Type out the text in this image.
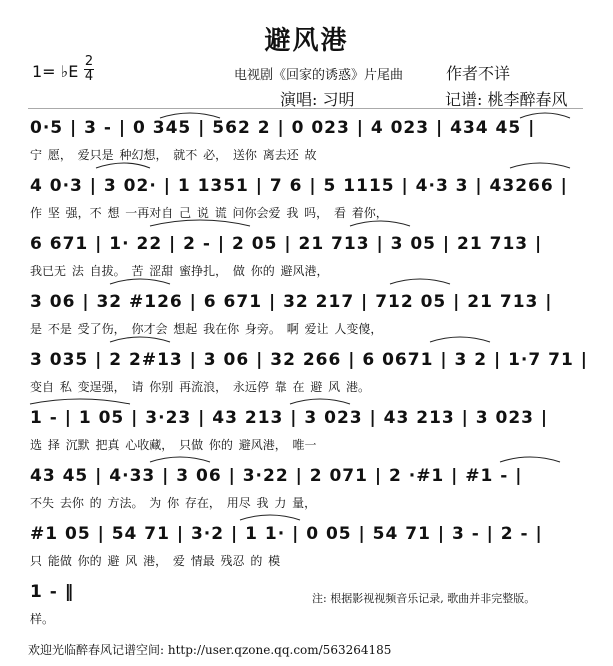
避风港
1= ♭E
2
4	电视剧《回家的诱惑》片尾曲	作者不详
演唱: 习明	记谱: 桃李醉春风
0·5 | 3 - | 0 345 | 562 2 | 0 023 | 4 023 | 434 45 |
宁 愿， 爱只是 种幻想， 就不 必， 送你 离去还 故
4 0·3 | 3 02· | 1 1351 | 7 6 | 5 1115 | 4·3 3 | 43266 |
作 坚 强，不 想 一再对自 己 说 谎 问你会爱 我 吗， 看 着你，
6 671 | 1· 22 | 2 - | 2 05 | 21 713 | 3 05 | 21 713 |
我已无 法 自拔。 苦 涩甜 蜜挣扎， 做 你的 避风港，
3 06 | 32 #126 | 6 671 | 32 217 | 712 05 | 21 713 |
是 不是 受了伤， 你才会 想起 我在你 身旁。 啊 爱让 人变傻，
3 035 | 2 2#13 | 3 06 | 32 266 | 6 0671 | 3 2 | 1·7 71 |
变自 私 变逞强， 请 你别 再流浪， 永远停 靠 在 避 风 港。
1 - | 1 05 | 3·23 | 43 213 | 3 023 | 43 213 | 3 023 |
选 择 沉默 把真 心收藏， 只做 你的 避风港， 唯一
43 45 | 4·33 | 3 06 | 3·22 | 2 071 | 2 ·#1 | #1 - |
不失 去你 的 方法。 为 你 存在， 用尽 我 力 量，
#1 05 | 54 71 | 3·2 | 1 1· | 0 05 | 54 71 | 3 - | 2 - |
只 能做 你的 避 风 港， 爱 情最 残忍 的 模
1 - ‖
样。
注: 根据影视视频音乐记录, 歌曲并非完整版。
欢迎光临醉春风记谱空间: http://user.qzone.qq.com/563264185
